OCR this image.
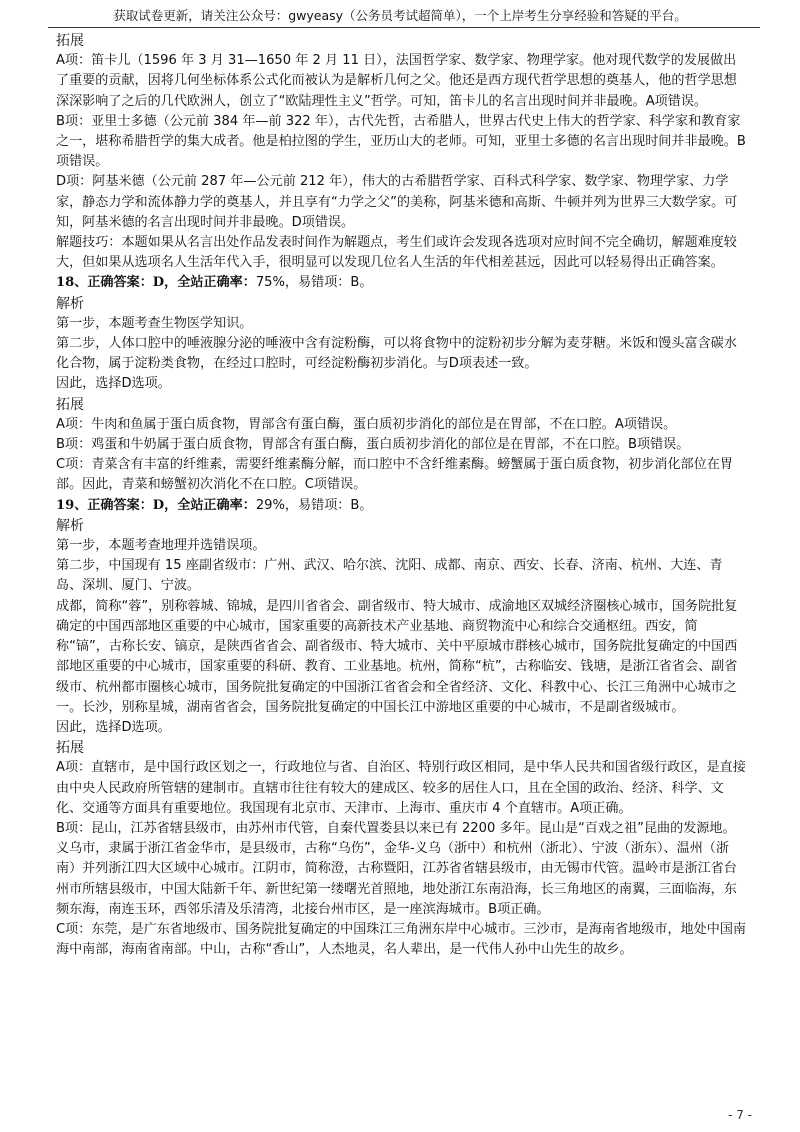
获取试卷更新，请关注公众号：gwyeasy（公务员考试超简单），一个上岸考生分享经验和答疑的平台。

拓展

A项：笛卡儿（1596 年 3 月 31—1650 年 2 月 11 日），法国哲学家、数学家、物理学家。他对现代数学的发展做出了重要的贡献，因将几何坐标体系公式化而被认为是解析几何之父。他还是西方现代哲学思想的奠基人，他的哲学思想深深影响了之后的几代欧洲人，创立了“欧陆理性主义”哲学。可知，笛卡儿的名言出现时间并非最晚。A项错误。

B项：亚里士多德（公元前 384 年—前 322 年），古代先哲，古希腊人，世界古代史上伟大的哲学家、科学家和教育家之一，堪称希腊哲学的集大成者。他是柏拉图的学生，亚历山大的老师。可知，亚里士多德的名言出现时间并非最晚。B项错误。

D项：阿基米德（公元前 287 年—公元前 212 年），伟大的古希腊哲学家、百科式科学家、数学家、物理学家、力学家，静态力学和流体静力学的奠基人，并且享有“力学之父”的美称，阿基米德和高斯、牛顿并列为世界三大数学家。可知，阿基米德的名言出现时间并非最晚。D项错误。

解题技巧：本题如果从名言出处作品发表时间作为解题点，考生们或许会发现各选项对应时间不完全确切，解题难度较大，但如果从选项名人生活年代入手，很明显可以发现几位名人生活的年代相差甚远，因此可以轻易得出正确答案。

18、正确答案：D，全站正确率：75%，易错项：B。

解析

第一步，本题考查生物医学知识。

第二步，人体口腔中的唾液腺分泌的唾液中含有淀粉酶，可以将食物中的淀粉初步分解为麦芽糖。米饭和馒头富含碳水化合物，属于淀粉类食物，在经过口腔时，可经淀粉酶初步消化。与D项表述一致。

因此，选择D选项。

拓展

A项：牛肉和鱼属于蛋白质食物，胃部含有蛋白酶，蛋白质初步消化的部位是在胃部，不在口腔。A项错误。

B项：鸡蛋和牛奶属于蛋白质食物，胃部含有蛋白酶，蛋白质初步消化的部位是在胃部，不在口腔。B项错误。

C项：青菜含有丰富的纤维素，需要纤维素酶分解，而口腔中不含纤维素酶。螃蟹属于蛋白质食物，初步消化部位在胃部。因此，青菜和螃蟹初次消化不在口腔。C项错误。

19、正确答案：D，全站正确率：29%，易错项：B。

解析

第一步，本题考查地理并选错误项。

第二步，中国现有 15 座副省级市：广州、武汉、哈尔滨、沈阳、成都、南京、西安、长春、济南、杭州、大连、青岛、深圳、厦门、宁波。

成都，简称“蓉”，别称蓉城、锦城，是四川省省会、副省级市、特大城市、成渝地区双城经济圈核心城市，国务院批复确定的中国西部地区重要的中心城市，国家重要的高新技术产业基地、商贸物流中心和综合交通枢纽。西安，简称“镐”，古称长安、镐京，是陕西省省会、副省级市、特大城市、关中平原城市群核心城市，国务院批复确定的中国西部地区重要的中心城市，国家重要的科研、教育、工业基地。杭州，简称“杭”，古称临安、钱塘，是浙江省省会、副省级市、杭州都市圈核心城市，国务院批复确定的中国浙江省省会和全省经济、文化、科教中心、长江三角洲中心城市之一。长沙，别称星城，湖南省省会，国务院批复确定的中国长江中游地区重要的中心城市，不是副省级城市。

因此，选择D选项。

拓展

A项：直辖市，是中国行政区划之一，行政地位与省、自治区、特别行政区相同，是中华人民共和国省级行政区，是直接由中央人民政府所管辖的建制市。直辖市往往有较大的建成区、较多的居住人口，且在全国的政治、经济、科学、文化、交通等方面具有重要地位。我国现有北京市、天津市、上海市、重庆市 4 个直辖市。A项正确。

B项：昆山，江苏省辖县级市，由苏州市代管，自秦代置娄县以来已有 2200 多年。昆山是“百戏之祖”昆曲的发源地。义乌市，隶属于浙江省金华市，是县级市，古称“乌伤”，金华-义乌（浙中）和杭州（浙北）、宁波（浙东）、温州（浙南）并列浙江四大区域中心城市。江阴市，简称澄，古称暨阳，江苏省省辖县级市，由无锡市代管。温岭市是浙江省台州市所辖县级市，中国大陆新千年、新世纪第一缕曙光首照地，地处浙江东南沿海，长三角地区的南翼，三面临海，东频东海，南连玉环，西邻乐清及乐清湾，北接台州市区，是一座滨海城市。B项正确。

C项：东莞，是广东省地级市、国务院批复确定的中国珠江三角洲东岸中心城市。三沙市，是海南省地级市，地处中国南海中南部，海南省南部。中山，古称“香山”，人杰地灵，名人辈出，是一代伟人孙中山先生的故乡。

- 7 -
